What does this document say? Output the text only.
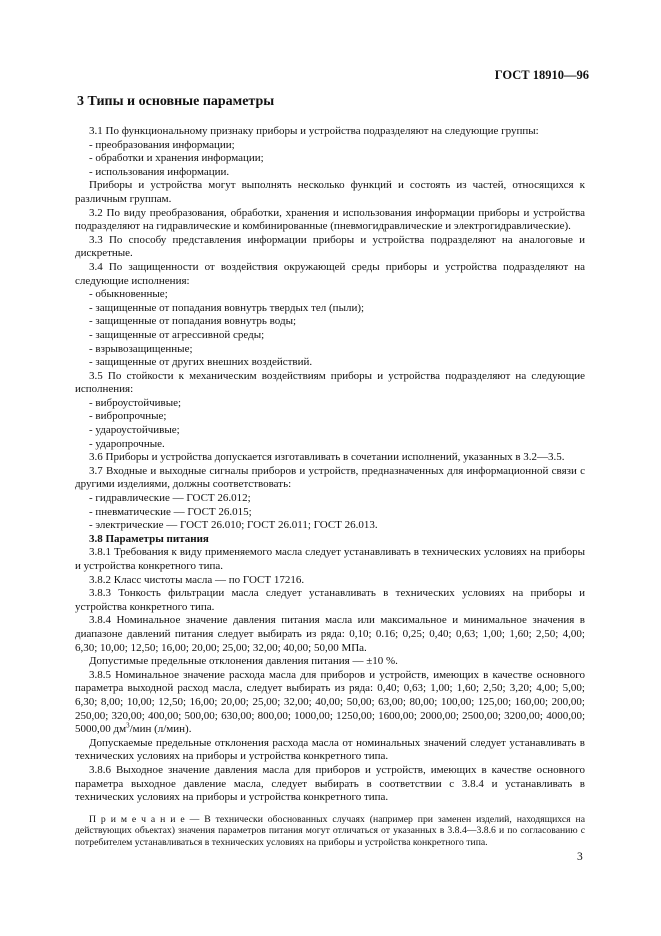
ГОСТ 18910—96
3 Типы и основные параметры

3.1 По функциональному признаку приборы и устройства подразделяют на следующие группы:

- преобразования информации;

- обработки и хранения информации;

- использования информации.

Приборы и устройства могут выполнять несколько функций и состоять из частей, относящихся к различным группам.

3.2 По виду преобразования, обработки, хранения и использования информации приборы и устройства подразделяют на гидравлические и комбинированные (пневмогидравлические и электрогидравлические).

3.3 По способу представления информации приборы и устройства подразделяют на аналоговые и дискретные.

3.4 По защищенности от воздействия окружающей среды приборы и устройства подразделяют на следующие исполнения:

- обыкновенные;

- защищенные от попадания вовнутрь твердых тел (пыли);

- защищенные от попадания вовнутрь воды;

- защищенные от агрессивной среды;

- взрывозащищенные;

- защищенные от других внешних воздействий.

3.5 По стойкости к механическим воздействиям приборы и устройства подразделяют на следующие исполнения:

- виброустойчивые;

- вибропрочные;

- удароустойчивые;

- ударопрочные.

3.6 Приборы и устройства допускается изготавливать в сочетании исполнений, указанных в 3.2—3.5.

3.7 Входные и выходные сигналы приборов и устройств, предназначенных для информационной связи с другими изделиями, должны соответствовать:

- гидравлические — ГОСТ 26.012;

- пневматические — ГОСТ 26.015;

- электрические — ГОСТ 26.010; ГОСТ 26.011; ГОСТ 26.013.

3.8 Параметры питания

3.8.1 Требования к виду применяемого масла следует устанавливать в технических условиях на приборы и устройства конкретного типа.

3.8.2 Класс чистоты масла — по ГОСТ 17216.

3.8.3 Тонкость фильтрации масла следует устанавливать в технических условиях на приборы и устройства конкретного типа.

3.8.4 Номинальное значение давления питания масла или максимальное и минимальное значения в диапазоне давлений питания следует выбирать из ряда: 0,10; 0.16; 0,25; 0,40; 0,63; 1,00; 1,60; 2,50; 4,00; 6,30; 10,00; 12,50; 16,00; 20,00; 25,00; 32,00; 40,00; 50,00 МПа.

Допустимые предельные отклонения давления питания — ±10 %.

3.8.5 Номинальное значение расхода масла для приборов и устройств, имеющих в качестве основного параметра выходной расход масла, следует выбирать из ряда: 0,40; 0,63; 1,00; 1,60; 2,50; 3,20; 4,00; 5,00; 6,30; 8,00; 10,00; 12,50; 16,00; 20,00; 25,00; 32,00; 40,00; 50,00; 63,00; 80,00; 100,00; 125,00; 160,00; 200,00; 250,00; 320,00; 400,00; 500,00; 630,00; 800,00; 1000,00; 1250,00; 1600,00; 2000,00; 2500,00; 3200,00; 4000,00; 5000,00 $дм^3$/мин (л/мин).

Допускаемые предельные отклонения расхода масла от номинальных значений следует устанавливать в технических условиях на приборы и устройства конкретного типа.

3.8.6 Выходное значение давления масла для приборов и устройств, имеющих в качестве основного параметра выходное давление масла, следует выбирать в соответствии с 3.8.4 и устанавливать в технических условиях на приборы и устройства конкретного типа.

П р и м е ч а н и е — В технически обоснованных случаях (например при заменен изделий, находящихся на действующих объектах) значения параметров питания могут отличаться от указанных в 3.8.4—3.8.6 и по согласованию с потребителем устанавливаться в технических условиях на приборы и устройства конкретного типа.

3
